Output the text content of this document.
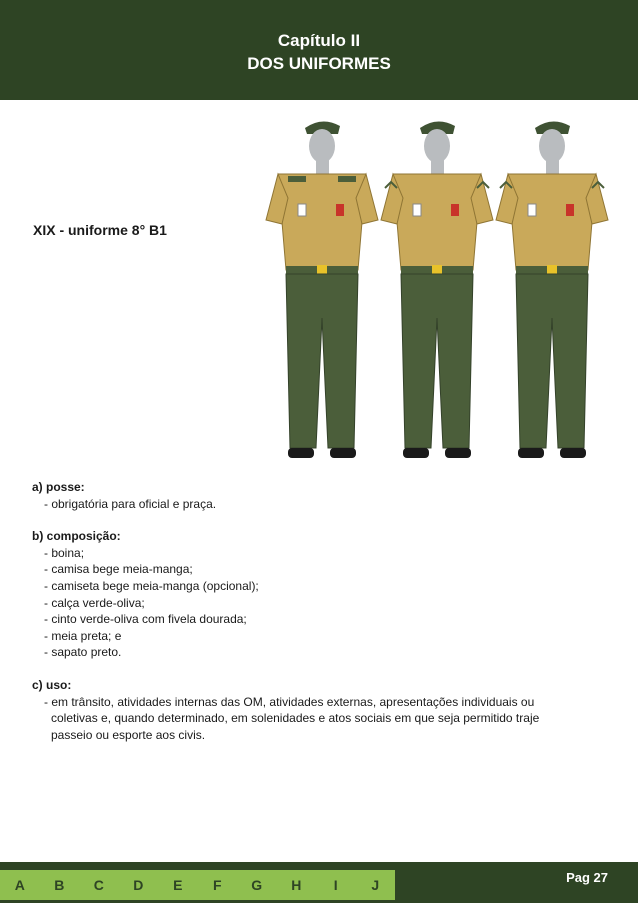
Capítulo II
DOS UNIFORMES
XIX - uniforme 8° B1
a) posse:
- obrigatória para oficial e praça.
b) composição:
- boina;
- camisa bege meia-manga;
- camiseta bege meia-manga (opcional);
- calça verde-oliva;
- cinto verde-oliva com fivela dourada;
- meia preta; e
- sapato preto.
c) uso:
- em trânsito, atividades internas das OM, atividades externas, apresentações individuais ou
coletivas e, quando determinado, em solenidades e atos sociais em que seja permitido traje
passeio ou esporte aos civis.
A	B	C	D	E	F	G	H	I	J	Pag 27
